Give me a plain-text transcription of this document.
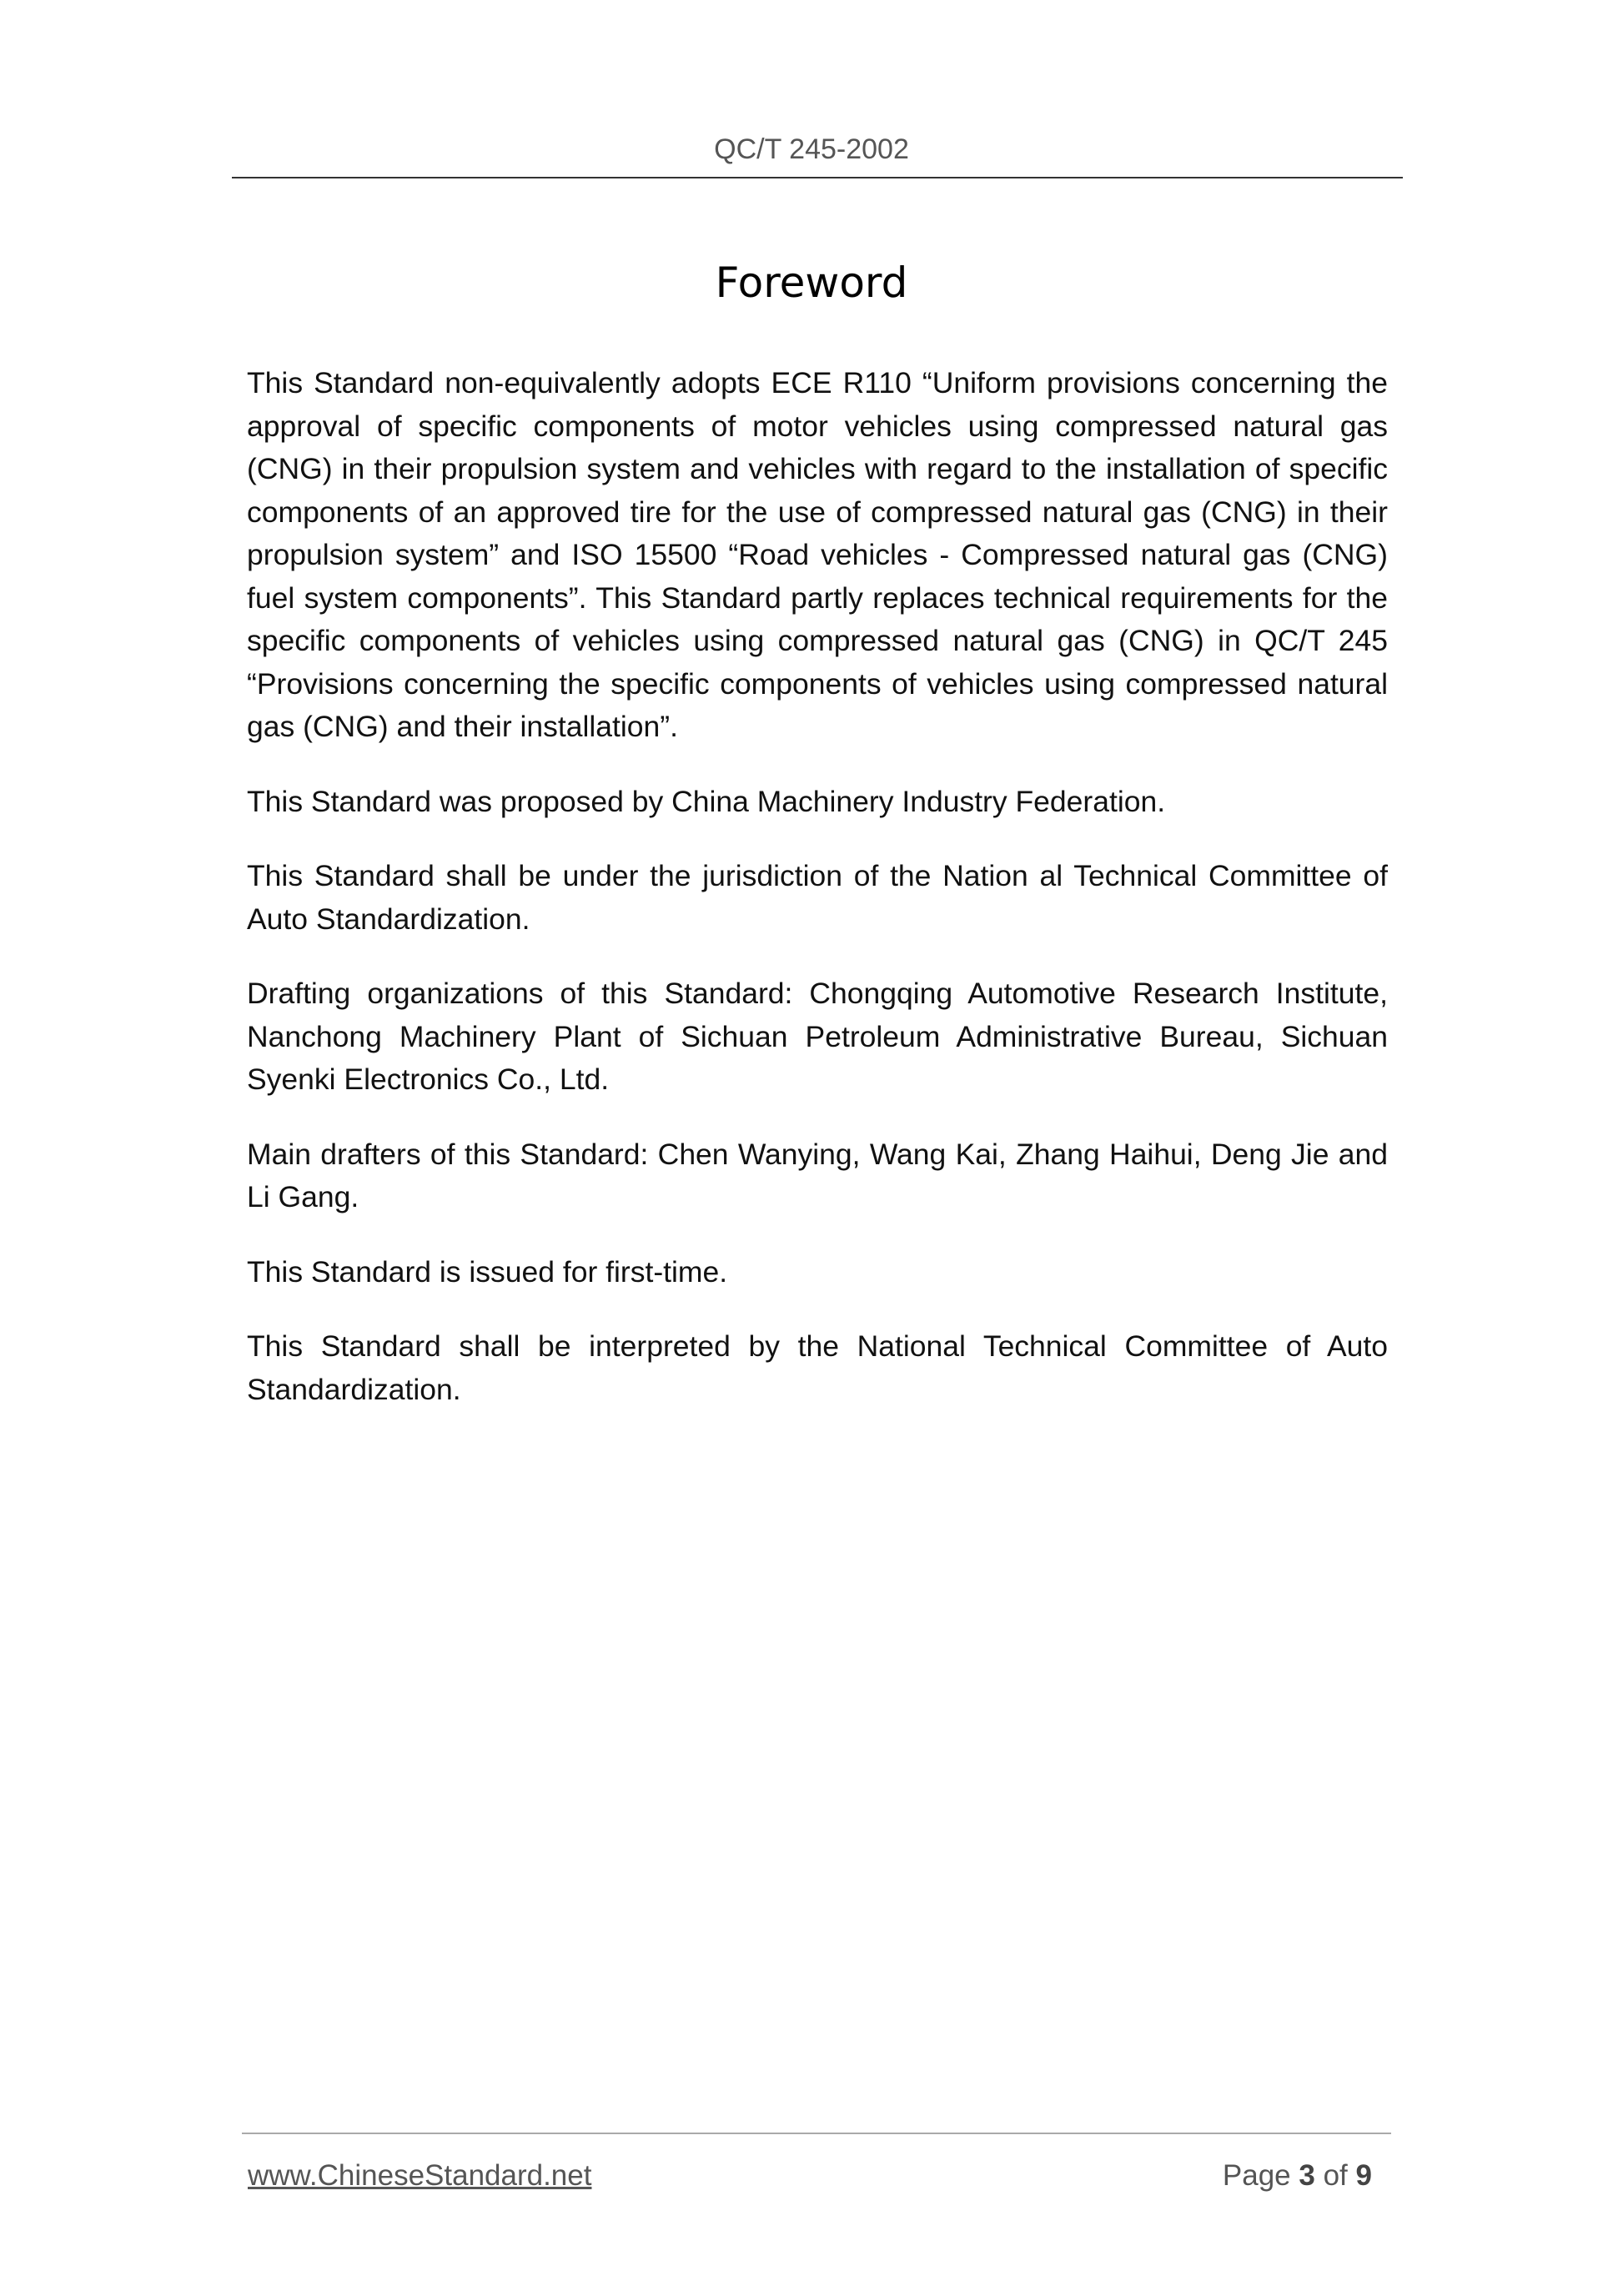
QC/T 245-2002
Foreword

This Standard non-equivalently adopts ECE R110 “Uniform provisions concerning the approval of specific components of motor vehicles using compressed natural gas (CNG) in their propulsion system and vehicles with regard to the installation of specific components of an approved tire for the use of compressed natural gas (CNG) in their propulsion system” and ISO 15500 “Road vehicles - Compressed natural gas (CNG) fuel system components”. This Standard partly replaces technical requirements for the specific components of vehicles using compressed natural gas (CNG) in QC/T 245 “Provisions concerning the specific components of vehicles using compressed natural gas (CNG) and their installation”.

This Standard was proposed by China Machinery Industry Federation.

This Standard shall be under the jurisdiction of the Nation al Technical Committee of Auto Standardization.

Drafting organizations of this Standard: Chongqing Automotive Research Institute, Nanchong Machinery Plant of Sichuan Petroleum Administrative Bureau, Sichuan Syenki Electronics Co., Ltd.

Main drafters of this Standard: Chen Wanying, Wang Kai, Zhang Haihui, Deng Jie and Li Gang.

This Standard is issued for first-time.

This Standard shall be interpreted by the National Technical Committee of Auto Standardization.

www.ChineseStandard.net	Page 3 of 9
